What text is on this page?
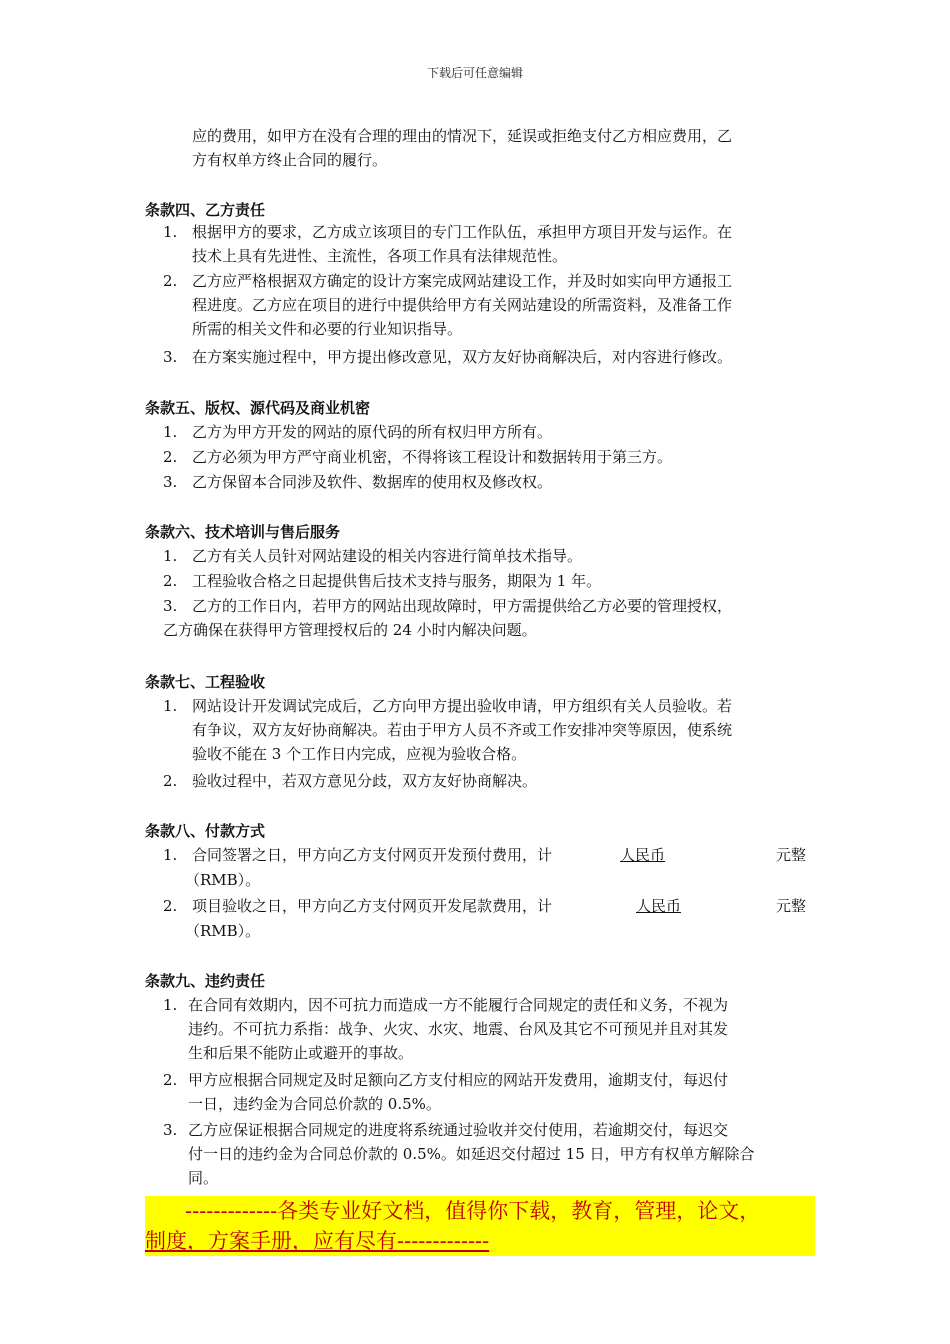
下载后可任意编辑
应的费用，如甲方在没有合理的理由的情况下，延误或拒绝支付乙方相应费用，乙
方有权单方终止合同的履行。
条款四、乙方责任
1. 根据甲方的要求，乙方成立该项目的专门工作队伍，承担甲方项目开发与运作。在
技术上具有先进性、主流性，各项工作具有法律规范性。
2. 乙方应严格根据双方确定的设计方案完成网站建设工作，并及时如实向甲方通报工
程进度。乙方应在项目的进行中提供给甲方有关网站建设的所需资料，及准备工作
所需的相关文件和必要的行业知识指导。
3. 在方案实施过程中，甲方提出修改意见，双方友好协商解决后，对内容进行修改。
条款五、版权、源代码及商业机密
1. 乙方为甲方开发的网站的原代码的所有权归甲方所有。
2. 乙方必须为甲方严守商业机密，不得将该工程设计和数据转用于第三方。
3. 乙方保留本合同涉及软件、数据库的使用权及修改权。
条款六、技术培训与售后服务
1. 乙方有关人员针对网站建设的相关内容进行简单技术指导。
2. 工程验收合格之日起提供售后技术支持与服务，期限为 1 年。
3. 乙方的工作日内，若甲方的网站出现故障时，甲方需提供给乙方必要的管理授权，
乙方确保在获得甲方管理授权后的 24 小时内解决问题。
条款七、工程验收
1. 网站设计开发调试完成后，乙方向甲方提出验收申请，甲方组织有关人员验收。若
有争议，双方友好协商解决。若由于甲方人员不齐或工作安排冲突等原因，使系统
验收不能在 3 个工作日内完成，应视为验收合格。
2. 验收过程中，若双方意见分歧，双方友好协商解决。
条款八、付款方式
1. 合同签署之日，甲方向乙方支付网页开发预付费用，计	人民币	元整
（RMB）。
2. 项目验收之日，甲方向乙方支付网页开发尾款费用，计	人民币	元整
（RMB）。
条款九、违约责任
1. 在合同有效期内，因不可抗力而造成一方不能履行合同规定的责任和义务，不视为
违约。不可抗力系指：战争、火灾、水灾、地震、台风及其它不可预见并且对其发
生和后果不能防止或避开的事故。
2. 甲方应根据合同规定及时足额向乙方支付相应的网站开发费用，逾期支付，每迟付
一日，违约金为合同总价款的 0.5%。
3. 乙方应保证根据合同规定的进度将系统通过验收并交付使用，若逾期交付，每迟交
付一日的违约金为合同总价款的 0.5%。如延迟交付超过 15 日，甲方有权单方解除合
同。
-------------各类专业好文档，值得你下载，教育，管理，论文，
制度，方案手册，应有尽有-------------
